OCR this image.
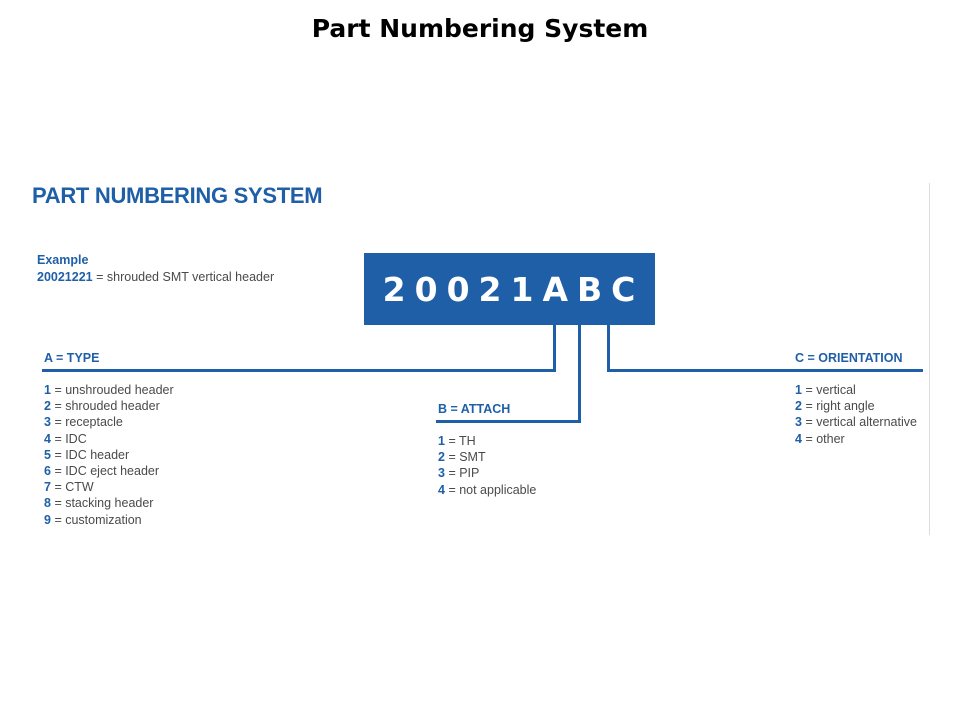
Part Numbering System
PART NUMBERING SYSTEM
Example
20021221 = shrouded SMT vertical header	20021ABC
A = TYPE
1 = unshrouded header
2 = shrouded header
3 = receptacle
4 = IDC
5 = IDC header
6 = IDC eject header
7 = CTW
8 = stacking header
9 = customization
B = ATTACH
1 = TH
2 = SMT
3 = PIP
4 = not applicable
C = ORIENTATION
1 = vertical
2 = right angle
3 = vertical alternative
4 = other
